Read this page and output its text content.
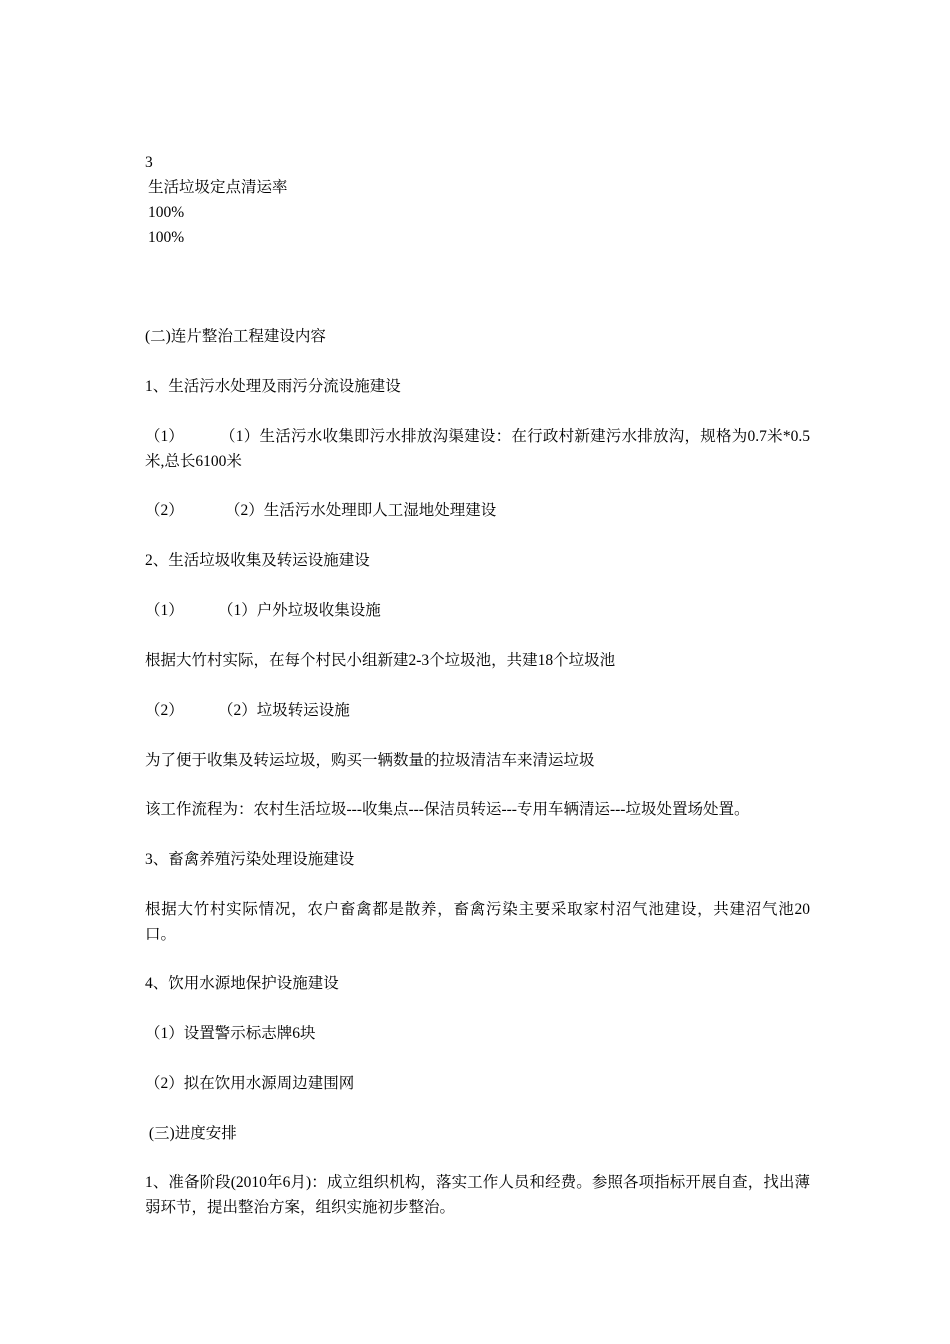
3
生活垃圾定点清运率
100%
100%
(二)连片整治工程建设内容
1、生活污水处理及雨污分流设施建设
（1）	（1）生活污水收集即污水排放沟渠建设：在行政村新建污水排放沟，规格为0.7米*0.5米,总长6100米
（2）	（2）生活污水处理即人工湿地处理建设
2、生活垃圾收集及转运设施建设
（1） （1）户外垃圾收集设施
根据大竹村实际，在每个村民小组新建2-3个垃圾池，共建18个垃圾池
（2） （2）垃圾转运设施
为了便于收集及转运垃圾，购买一辆数量的拉圾清洁车来清运垃圾
该工作流程为：农村生活垃圾---收集点---保洁员转运---专用车辆清运---垃圾处置场处置。
3、畜禽养殖污染处理设施建设
根据大竹村实际情况，农户畜禽都是散养，畜禽污染主要采取家村沼气池建设，共建沼气池20口。
4、饮用水源地保护设施建设
（1）设置警示标志牌6块
（2）拟在饮用水源周边建围网
(三)进度安排
1、准备阶段(2010年6月)：成立组织机构，落实工作人员和经费。参照各项指标开展自查，找出薄弱环节，提出整治方案，组织实施初步整治。
